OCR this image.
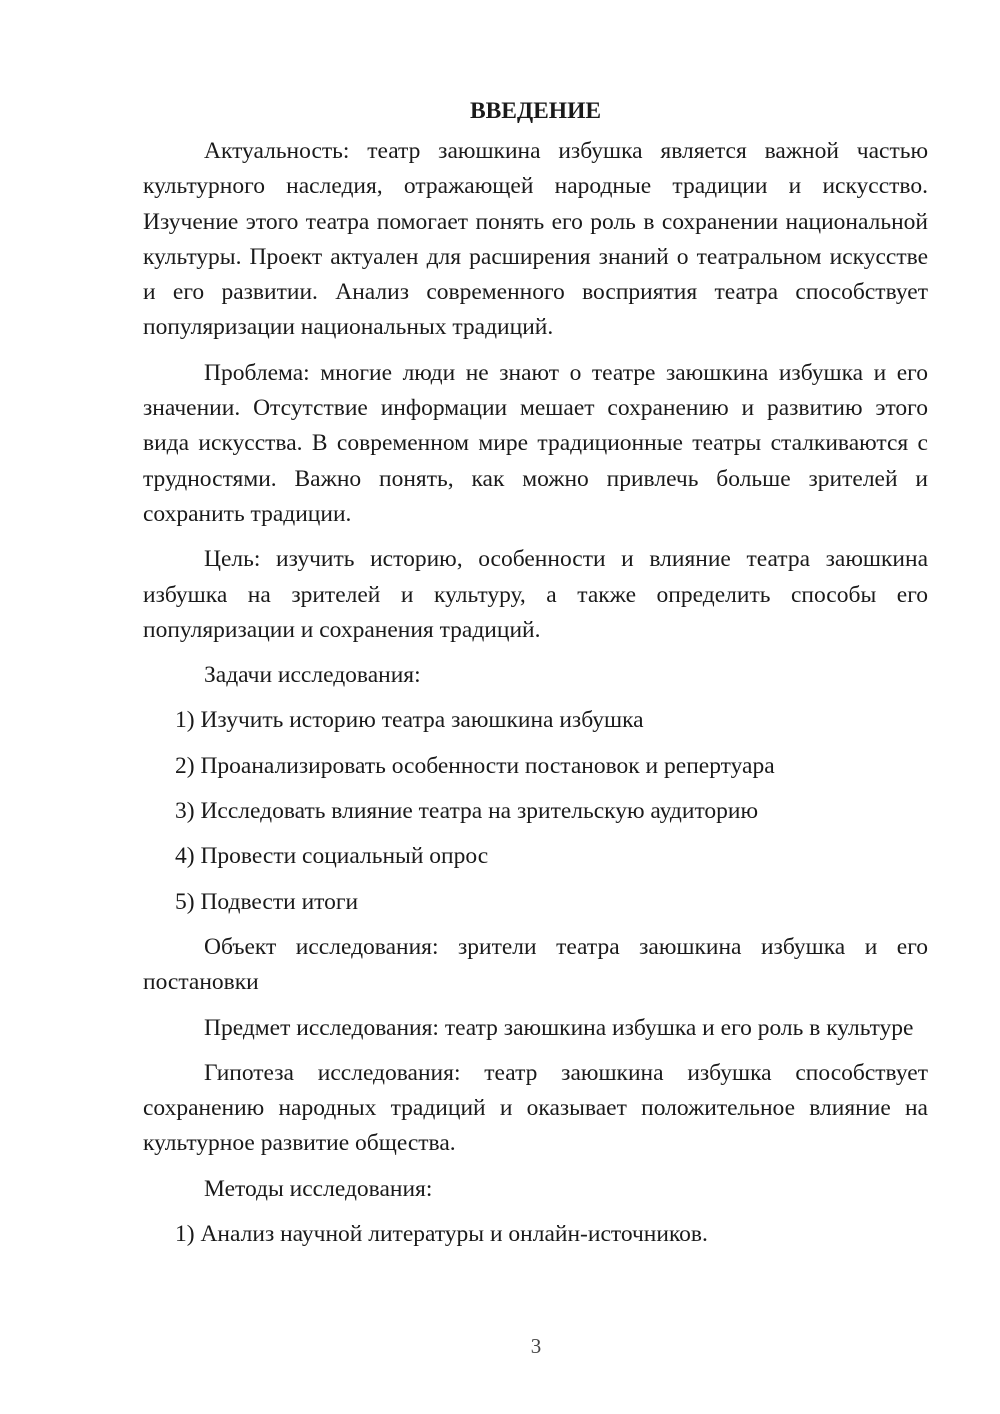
ВВЕДЕНИЕ

Актуальность: театр заюшкина избушка является важной частью культурного наследия, отражающей народные традиции и искусство. Изучение этого театра помогает понять его роль в сохранении национальной культуры. Проект актуален для расширения знаний о театральном искусстве и его развитии. Анализ современного восприятия театра способствует популяризации национальных традиций.

Проблема: многие люди не знают о театре заюшкина избушка и его значении. Отсутствие информации мешает сохранению и развитию этого вида искусства. В современном мире традиционные театры сталкиваются с трудностями. Важно понять, как можно привлечь больше зрителей и сохранить традиции.

Цель: изучить историю, особенности и влияние театра заюшкина избушка на зрителей и культуру, а также определить способы его популяризации и сохранения традиций.

Задачи исследования:

1) Изучить историю театра заюшкина избушка

2) Проанализировать особенности постановок и репертуара

3) Исследовать влияние театра на зрительскую аудиторию

4) Провести социальный опрос

5) Подвести итоги

Объект исследования: зрители театра заюшкина избушка и его постановки

Предмет исследования: театр заюшкина избушка и его роль в культуре

Гипотеза исследования: театр заюшкина избушка способствует сохранению народных традиций и оказывает положительное влияние на культурное развитие общества.

Методы исследования:

1) Анализ научной литературы и онлайн-источников.

3
